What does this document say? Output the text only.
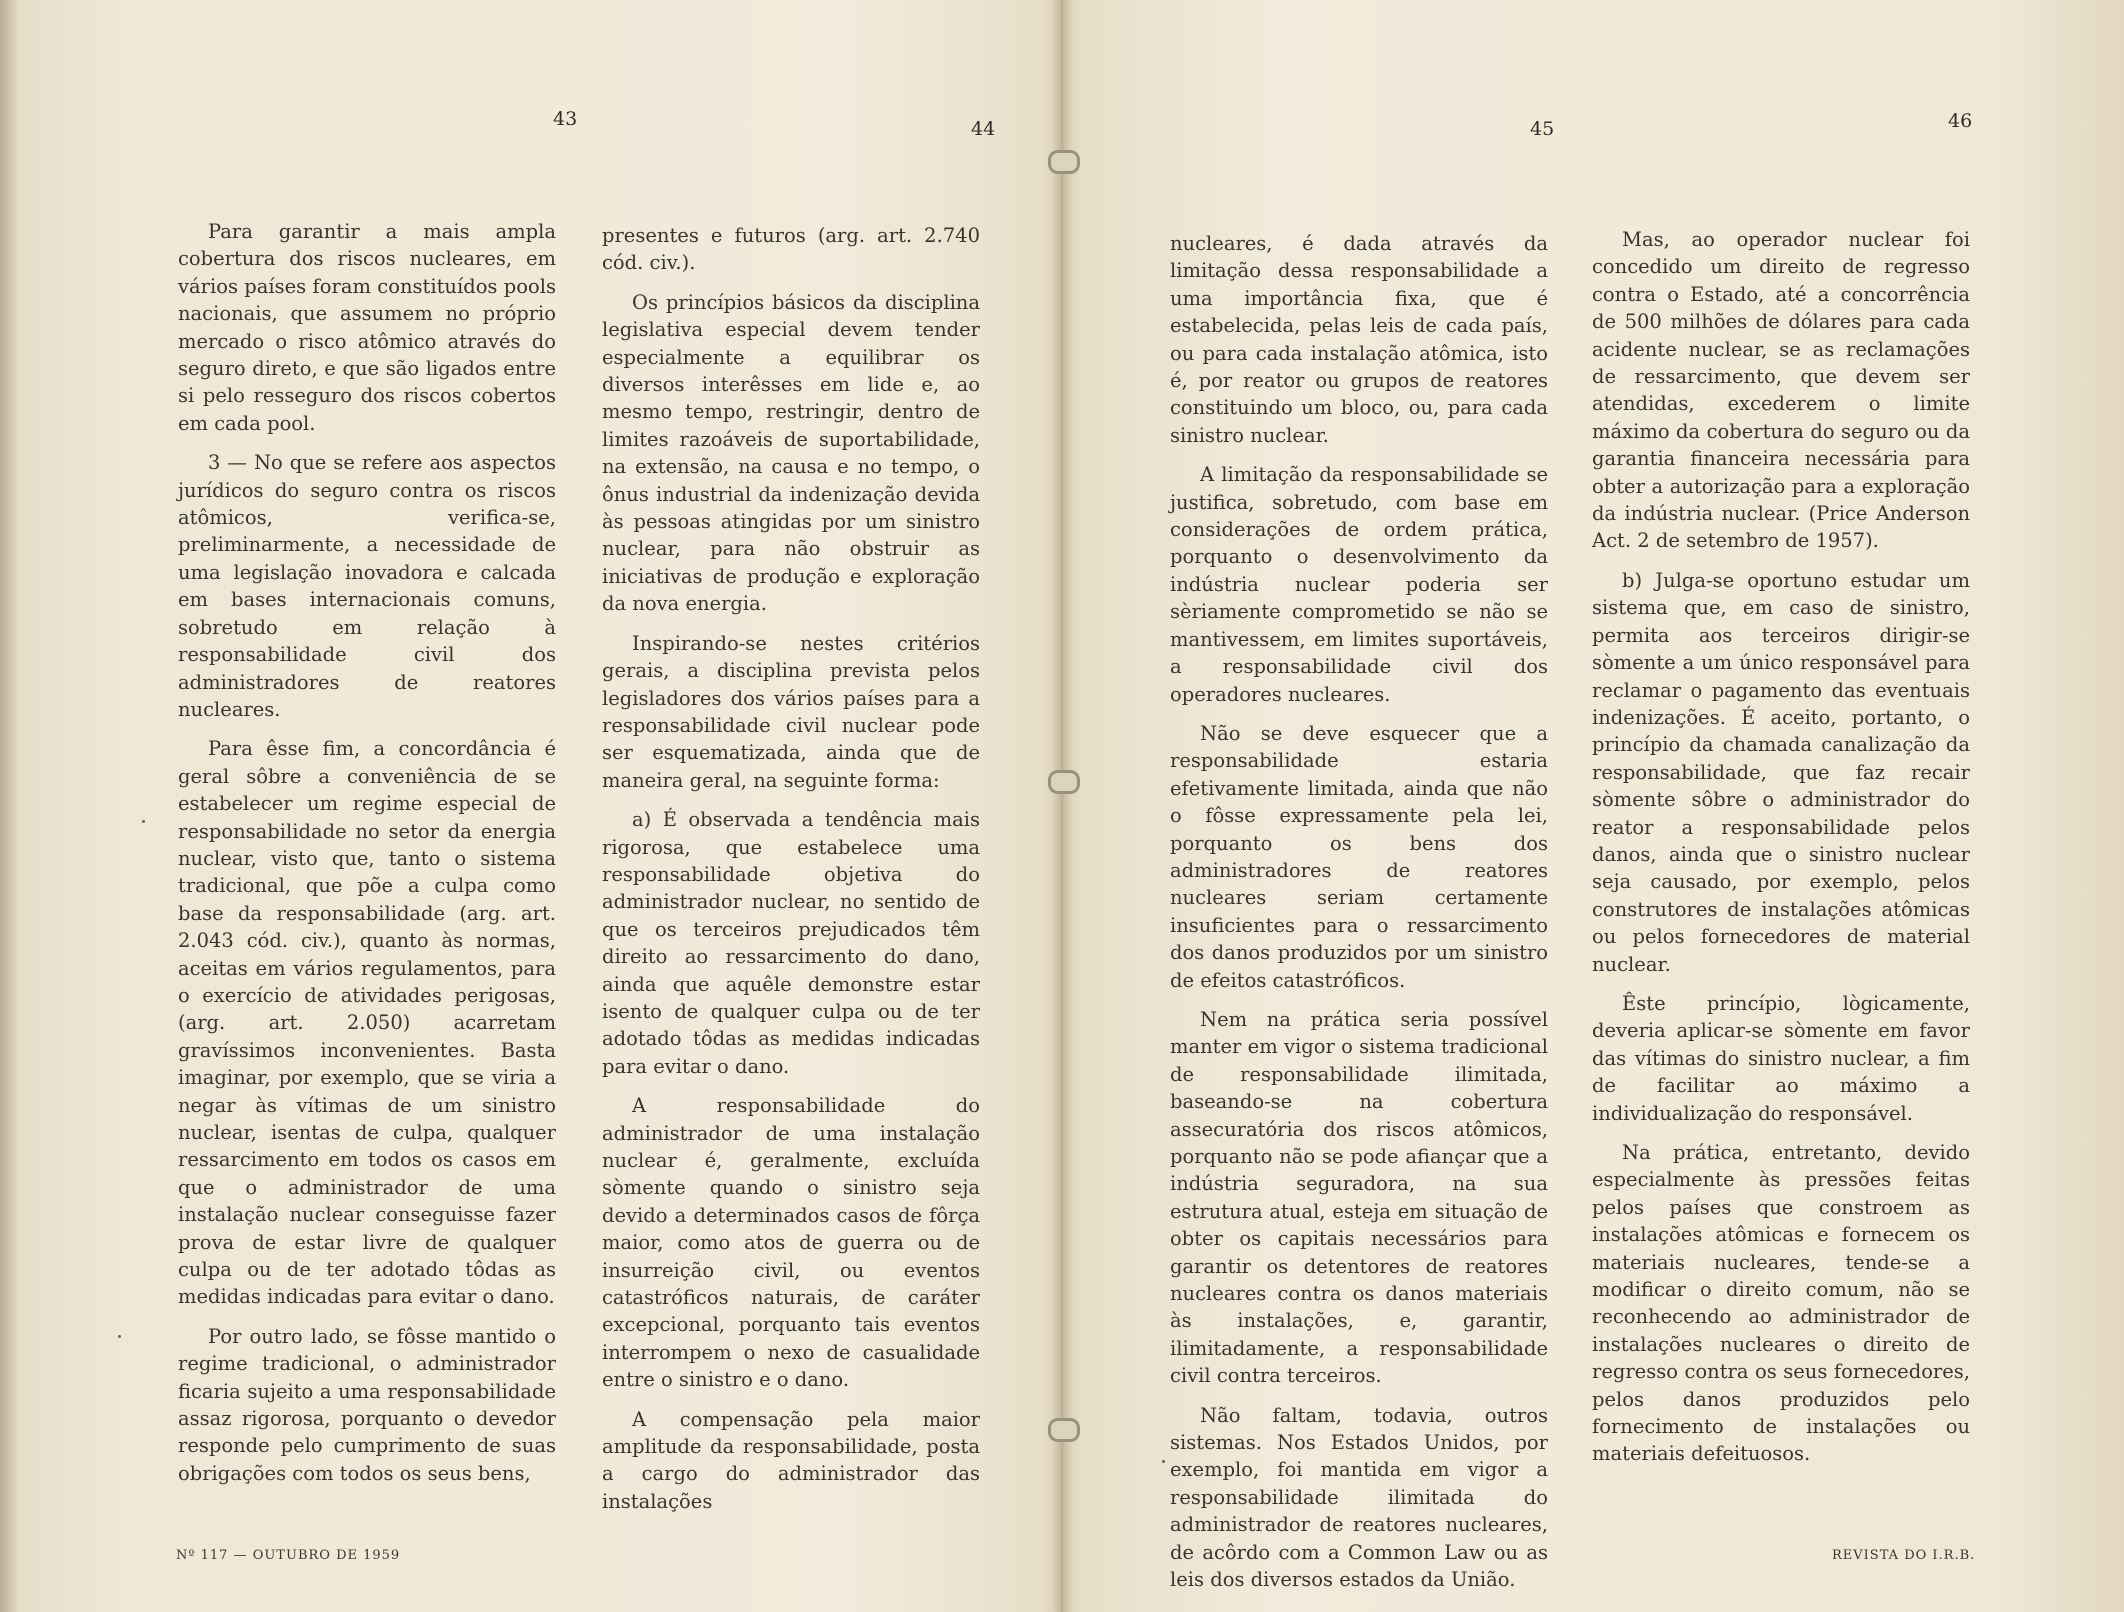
43	44	45	46

Para garantir a mais ampla cobertura dos riscos nucleares, em vários países foram constituídos pools nacionais, que assumem no próprio mercado o risco atômico através do seguro direto, e que são ligados entre si pelo resseguro dos riscos cobertos em cada pool.

3 — No que se refere aos aspectos jurídicos do seguro contra os riscos atômicos, verifica-se, preliminarmente, a necessidade de uma legislação inovadora e calcada em bases internacionais comuns, sobretudo em relação à responsabilidade civil dos administradores de reatores nucleares.

Para êsse fim, a concordância é geral sôbre a conveniência de se estabelecer um regime especial de responsabilidade no setor da energia nuclear, visto que, tanto o sistema tradicional, que põe a culpa como base da responsabilidade (arg. art. 2.043 cód. civ.), quanto às normas, aceitas em vários regulamentos, para o exercício de atividades perigosas, (arg. art. 2.050) acarretam gravíssimos inconvenientes. Basta imaginar, por exemplo, que se viria a negar às vítimas de um sinistro nuclear, isentas de culpa, qualquer ressarcimento em todos os casos em que o administrador de uma instalação nuclear conseguisse fazer prova de estar livre de qualquer culpa ou de ter adotado tôdas as medidas indicadas para evitar o dano.

Por outro lado, se fôsse mantido o regime tradicional, o administrador ficaria sujeito a uma responsabilidade assaz rigorosa, porquanto o devedor responde pelo cumprimento de suas obrigações com todos os seus bens,

presentes e futuros (arg. art. 2.740 cód. civ.).

Os princípios básicos da disciplina legislativa especial devem tender especialmente a equilibrar os diversos interêsses em lide e, ao mesmo tempo, restringir, dentro de limites razoáveis de suportabilidade, na extensão, na causa e no tempo, o ônus industrial da indenização devida às pessoas atingidas por um sinistro nuclear, para não obstruir as iniciativas de produção e exploração da nova energia.

Inspirando-se nestes critérios gerais, a disciplina prevista pelos legisladores dos vários países para a responsabilidade civil nuclear pode ser esquematizada, ainda que de maneira geral, na seguinte forma:

a) É observada a tendência mais rigorosa, que estabelece uma responsabilidade objetiva do administrador nuclear, no sentido de que os terceiros prejudicados têm direito ao ressarcimento do dano, ainda que aquêle demonstre estar isento de qualquer culpa ou de ter adotado tôdas as medidas indicadas para evitar o dano.

A responsabilidade do administrador de uma instalação nuclear é, geralmente, excluída sòmente quando o sinistro seja devido a determinados casos de fôrça maior, como atos de guerra ou de insurreição civil, ou eventos catastróficos naturais, de caráter excepcional, porquanto tais eventos interrompem o nexo de casualidade entre o sinistro e o dano.

A compensação pela maior amplitude da responsabilidade, posta a cargo do administrador das instalações

nucleares, é dada através da limitação dessa responsabilidade a uma importância fixa, que é estabelecida, pelas leis de cada país, ou para cada instalação atômica, isto é, por reator ou grupos de reatores constituindo um bloco, ou, para cada sinistro nuclear.

A limitação da responsabilidade se justifica, sobretudo, com base em considerações de ordem prática, porquanto o desenvolvimento da indústria nuclear poderia ser sèriamente comprometido se não se mantivessem, em limites suportáveis, a responsabilidade civil dos operadores nucleares.

Não se deve esquecer que a responsabilidade estaria efetivamente limitada, ainda que não o fôsse expressamente pela lei, porquanto os bens dos administradores de reatores nucleares seriam certamente insuficientes para o ressarcimento dos danos produzidos por um sinistro de efeitos catastróficos.

Nem na prática seria possível manter em vigor o sistema tradicional de responsabilidade ilimitada, baseando-se na cobertura assecuratória dos riscos atômicos, porquanto não se pode afiançar que a indústria seguradora, na sua estrutura atual, esteja em situação de obter os capitais necessários para garantir os detentores de reatores nucleares contra os danos materiais às instalações, e, garantir, ilimitadamente, a responsabilidade civil contra terceiros.

Não faltam, todavia, outros sistemas. Nos Estados Unidos, por exemplo, foi mantida em vigor a responsabilidade ilimitada do administrador de reatores nucleares, de acôrdo com a Common Law ou as leis dos diversos estados da União.

Mas, ao operador nuclear foi concedido um direito de regresso contra o Estado, até a concorrência de 500 milhões de dólares para cada acidente nuclear, se as reclamações de ressarcimento, que devem ser atendidas, excederem o limite máximo da cobertura do seguro ou da garantia financeira necessária para obter a autorização para a exploração da indústria nuclear. (Price Anderson Act. 2 de setembro de 1957).

b) Julga-se oportuno estudar um sistema que, em caso de sinistro, permita aos terceiros dirigir-se sòmente a um único responsável para reclamar o pagamento das eventuais indenizações. É aceito, portanto, o princípio da chamada canalização da responsabilidade, que faz recair sòmente sôbre o administrador do reator a responsabilidade pelos danos, ainda que o sinistro nuclear seja causado, por exemplo, pelos construtores de instalações atômicas ou pelos fornecedores de material nuclear.

Êste princípio, lògicamente, deveria aplicar-se sòmente em favor das vítimas do sinistro nuclear, a fim de facilitar ao máximo a individualização do responsável.

Na prática, entretanto, devido especialmente às pressões feitas pelos países que constroem as instalações atômicas e fornecem os materiais nucleares, tende-se a modificar o direito comum, não se reconhecendo ao administrador de instalações nucleares o direito de regresso contra os seus fornecedores, pelos danos produzidos pelo fornecimento de instalações ou materiais defeituosos.

Nº 117 — OUTUBRO DE 1959	REVISTA DO I.R.B.
